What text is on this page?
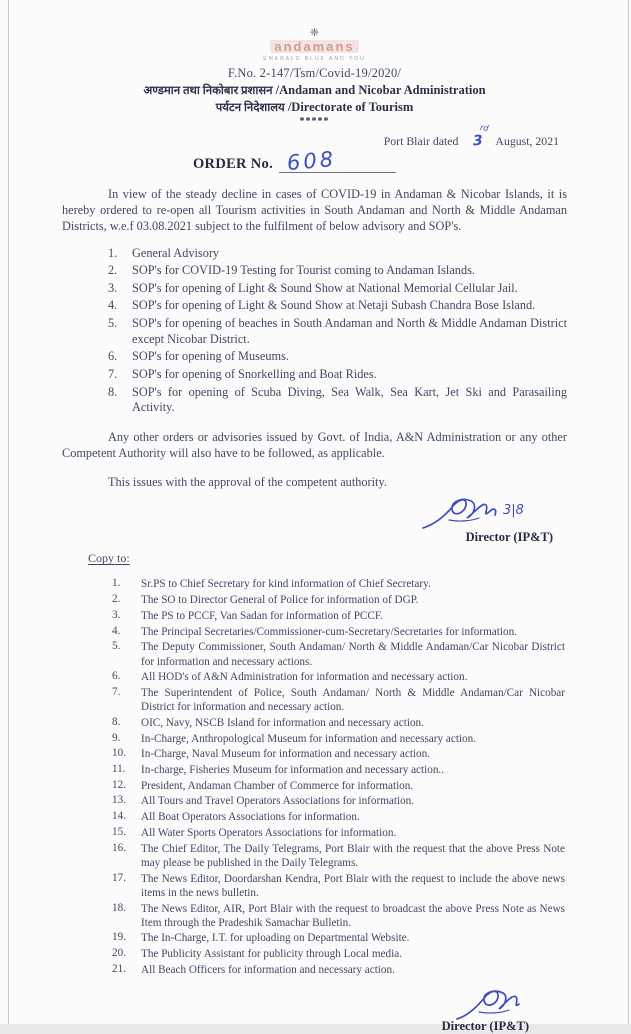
❈
andamans
EMERALD BLUE AND YOU
F.No. 2-147/Tsm/Covid-19/2020/
अण्डमान तथा निकोबार प्रशासन /Andaman and Nicobar Administration
पर्यटन निदेशालय /Directorate of Tourism
*****
Port Blair dated 3
rd
August, 2021
ORDER No. 608
In view of the steady decline in cases of COVID-19 in Andaman & Nicobar Islands, it is hereby ordered to re-open all Tourism activities in South Andaman and North & Middle Andaman Districts, w.e.f 03.08.2021 subject to the fulfilment of below advisory and SOP's.
1.	General Advisory
2.	SOP's for COVID-19 Testing for Tourist coming to Andaman Islands.
3.	SOP's for opening of Light & Sound Show at National Memorial Cellular Jail.
4.	SOP's for opening of Light & Sound Show at Netaji Subash Chandra Bose Island.
5.	SOP's for opening of beaches in South Andaman and North & Middle Andaman District except Nicobar District.
6.	SOP's for opening of Museums.
7.	SOP's for opening of Snorkelling and Boat Rides.
8.	SOP's for opening of Scuba Diving, Sea Walk, Sea Kart, Jet Ski and Parasailing Activity.
Any other orders or advisories issued by Govt. of India, A&N Administration or any other Competent Authority will also have to be followed, as applicable.
This issues with the approval of the competent authority.
3|8
Director (IP&T)
Copy to:
1.	Sr.PS to Chief Secretary for kind information of Chief Secretary.
2.	The SO to Director General of Police for information of DGP.
3.	The PS to PCCF, Van Sadan for information of PCCF.
4.	The Principal Secretaries/Commissioner-cum-Secretary/Secretaries for information.
5.	The Deputy Commissioner, South Andaman/ North & Middle Andaman/Car Nicobar District for information and necessary actions.
6.	All HOD's of A&N Administration for information and necessary action.
7.	The Superintendent of Police, South Andaman/ North & Middle Andaman/Car Nicobar District for information and necessary action.
8.	OIC, Navy, NSCB Island for information and necessary action.
9.	In-Charge, Anthropological Museum for information and necessary action.
10.	In-Charge, Naval Museum for information and necessary action.
11.	In-charge, Fisheries Museum for information and necessary action..
12.	President, Andaman Chamber of Commerce for information.
13.	All Tours and Travel Operators Associations for information.
14.	All Boat Operators Associations for information.
15.	All Water Sports Operators Associations for information.
16.	The Chief Editor, The Daily Telegrams, Port Blair with the request that the above Press Note may please be published in the Daily Telegrams.
17.	The News Editor, Doordarshan Kendra, Port Blair with the request to include the above news items in the news bulletin.
18.	The News Editor, AIR, Port Blair with the request to broadcast the above Press Note as News Item through the Pradeshik Samachar Bulletin.
19.	The In-Charge, I.T. for uploading on Departmental Website.
20.	The Publicity Assistant for publicity through Local media.
21.	All Beach Officers for information and necessary action.
Director (IP&T)
